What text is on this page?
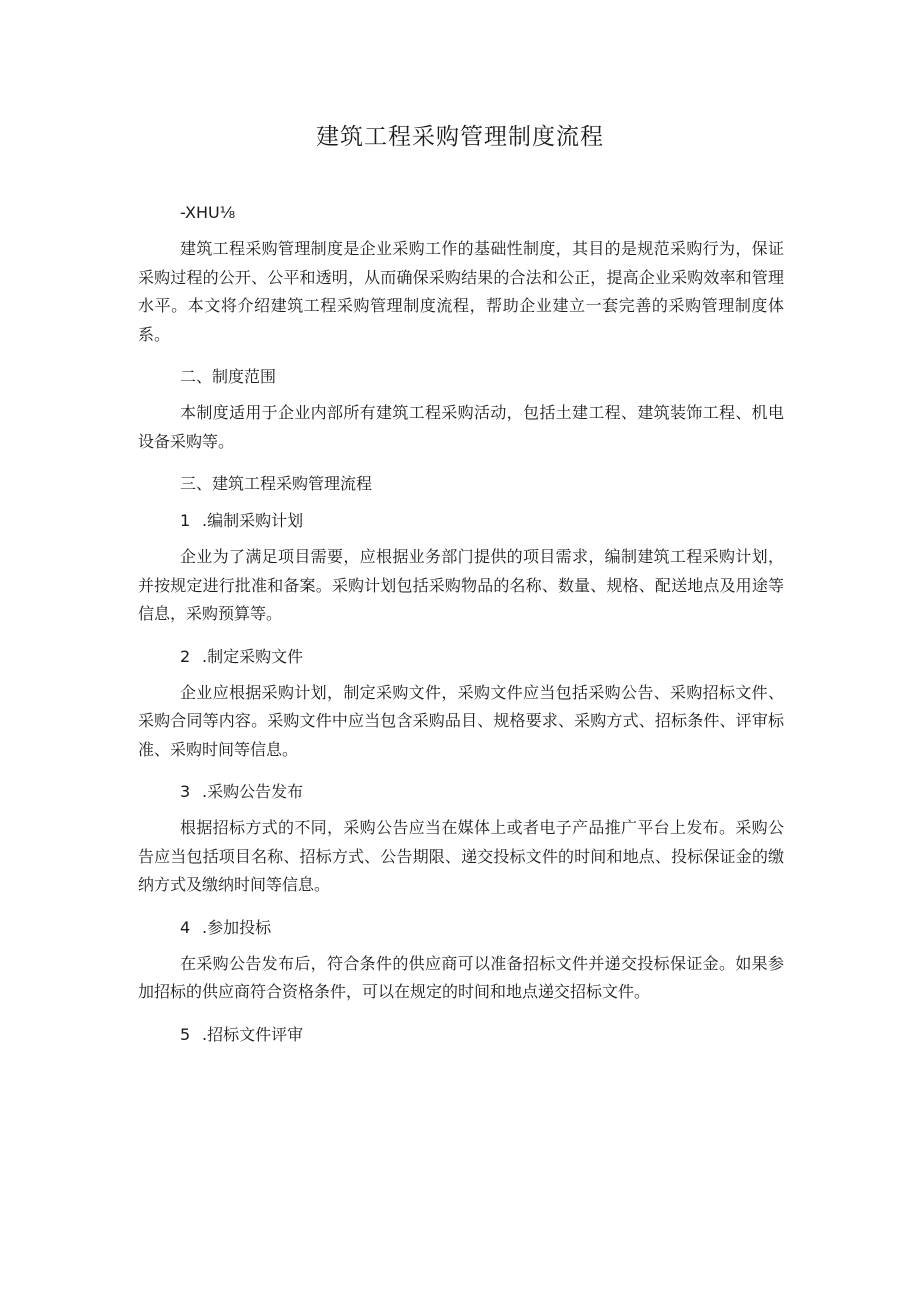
建筑工程采购管理制度流程

-XHU⅛

建筑工程采购管理制度是企业采购工作的基础性制度，其目的是规范采购行为，保证采购过程的公开、公平和透明，从而确保采购结果的合法和公正，提高企业采购效率和管理水平。本文将介绍建筑工程采购管理制度流程，帮助企业建立一套完善的采购管理制度体系。

二、制度范围

本制度适用于企业内部所有建筑工程采购活动，包括土建工程、建筑装饰工程、机电设备采购等。

三、建筑工程采购管理流程

1 .编制采购计划

企业为了满足项目需要，应根据业务部门提供的项目需求，编制建筑工程采购计划，并按规定进行批准和备案。采购计划包括采购物品的名称、数量、规格、配送地点及用途等信息，采购预算等。

2 .制定采购文件

企业应根据采购计划，制定采购文件，采购文件应当包括采购公告、采购招标文件、采购合同等内容。采购文件中应当包含采购品目、规格要求、采购方式、招标条件、评审标准、采购时间等信息。

3 .采购公告发布

根据招标方式的不同，采购公告应当在媒体上或者电子产品推广平台上发布。采购公告应当包括项目名称、招标方式、公告期限、递交投标文件的时间和地点、投标保证金的缴纳方式及缴纳时间等信息。

4 .参加投标

在采购公告发布后，符合条件的供应商可以准备招标文件并递交投标保证金。如果参加招标的供应商符合资格条件，可以在规定的时间和地点递交招标文件。

5 .招标文件评审
